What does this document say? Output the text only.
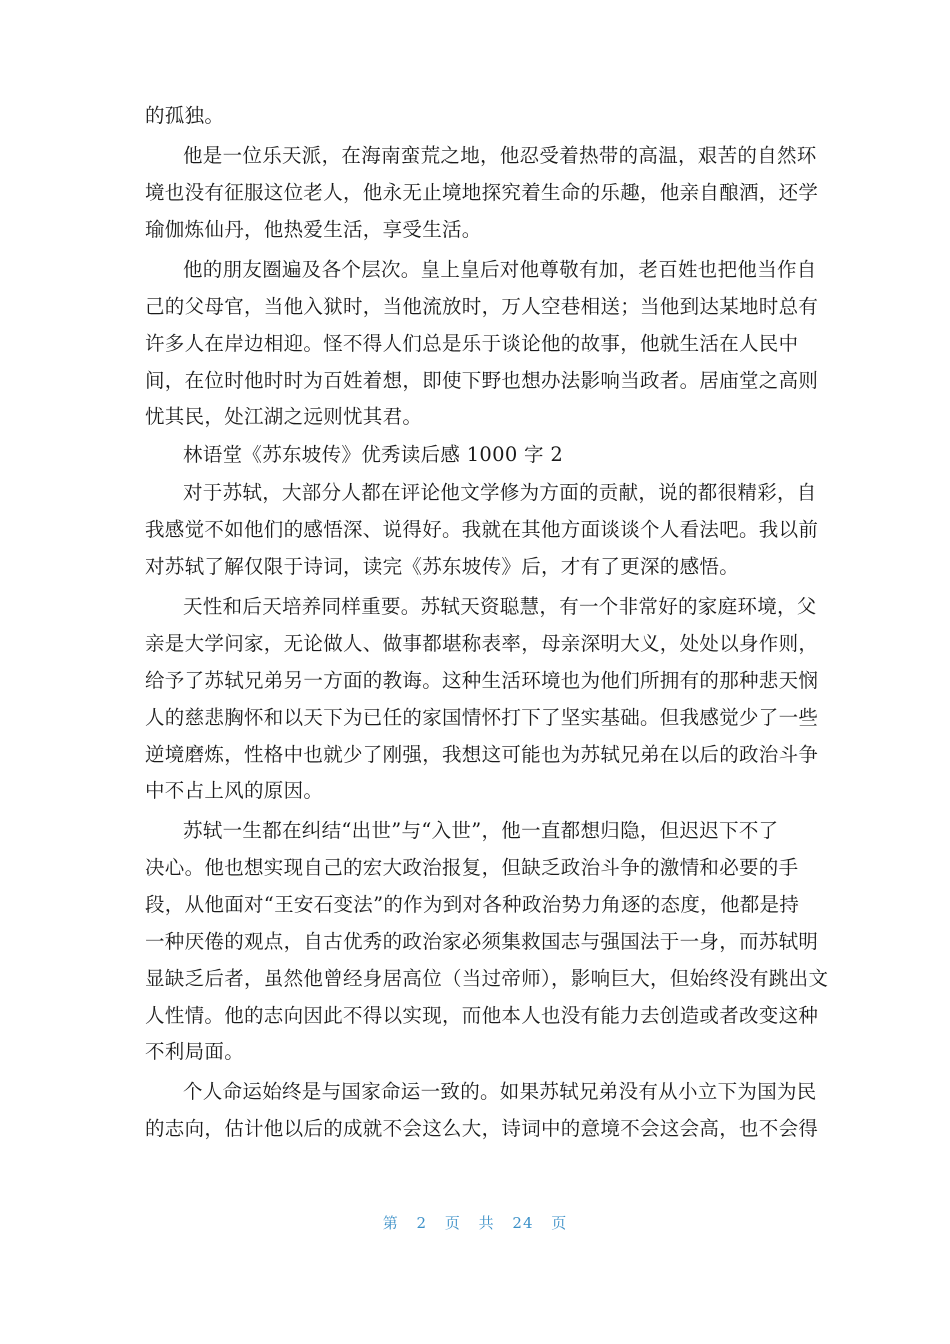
的孤独。
他是一位乐天派，在海南蛮荒之地，他忍受着热带的高温，艰苦的自然环
境也没有征服这位老人，他永无止境地探究着生命的乐趣，他亲自酿酒，还学
瑜伽炼仙丹，他热爱生活，享受生活。
他的朋友圈遍及各个层次。皇上皇后对他尊敬有加，老百姓也把他当作自
己的父母官，当他入狱时，当他流放时，万人空巷相送；当他到达某地时总有
许多人在岸边相迎。怪不得人们总是乐于谈论他的故事，他就生活在人民中
间，在位时他时时为百姓着想，即使下野也想办法影响当政者。居庙堂之高则
忧其民，处江湖之远则忧其君。
林语堂《苏东坡传》优秀读后感 1000 字 2
对于苏轼，大部分人都在评论他文学修为方面的贡献，说的都很精彩，自
我感觉不如他们的感悟深、说得好。我就在其他方面谈谈个人看法吧。我以前
对苏轼了解仅限于诗词，读完《苏东坡传》后，才有了更深的感悟。
天性和后天培养同样重要。苏轼天资聪慧，有一个非常好的家庭环境，父
亲是大学问家，无论做人、做事都堪称表率，母亲深明大义，处处以身作则，
给予了苏轼兄弟另一方面的教诲。这种生活环境也为他们所拥有的那种悲天悯
人的慈悲胸怀和以天下为已任的家国情怀打下了坚实基础。但我感觉少了一些
逆境磨炼，性格中也就少了刚强，我想这可能也为苏轼兄弟在以后的政治斗争
中不占上风的原因。
苏轼一生都在纠结“出世”与“入世”，他一直都想归隐，但迟迟下不了
决心。他也想实现自己的宏大政治报复，但缺乏政治斗争的激情和必要的手
段，从他面对“王安石变法”的作为到对各种政治势力角逐的态度，他都是持
一种厌倦的观点，自古优秀的政治家必须集救国志与强国法于一身，而苏轼明
显缺乏后者，虽然他曾经身居高位（当过帝师），影响巨大，但始终没有跳出文
人性情。他的志向因此不得以实现，而他本人也没有能力去创造或者改变这种
不利局面。
个人命运始终是与国家命运一致的。如果苏轼兄弟没有从小立下为国为民
的志向，估计他以后的成就不会这么大，诗词中的意境不会这会高，也不会得
第 2 页 共 24 页
